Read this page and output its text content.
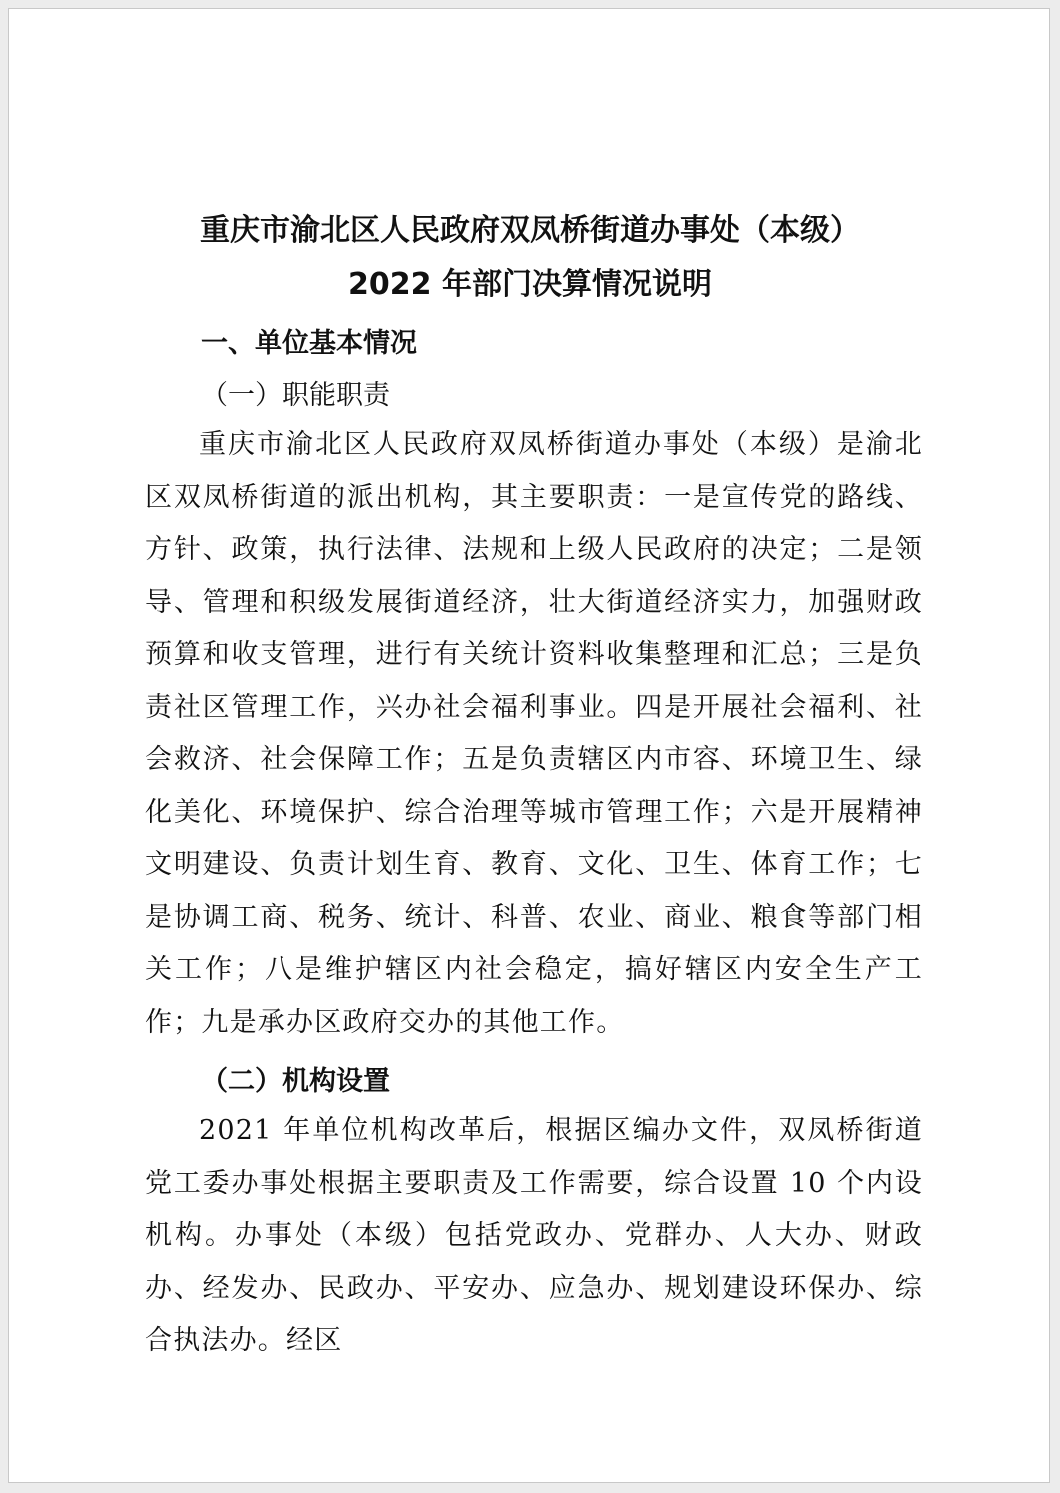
重庆市渝北区人民政府双凤桥街道办事处（本级）
2022 年部门决算情况说明
一、单位基本情况
（一）职能职责

重庆市渝北区人民政府双凤桥街道办事处（本级）是渝北区双凤桥街道的派出机构，其主要职责：一是宣传党的路线、方针、政策，执行法律、法规和上级人民政府的决定；二是领导、管理和积级发展街道经济，壮大街道经济实力，加强财政预算和收支管理，进行有关统计资料收集整理和汇总；三是负责社区管理工作，兴办社会福利事业。四是开展社会福利、社会救济、社会保障工作；五是负责辖区内市容、环境卫生、绿化美化、环境保护、综合治理等城市管理工作；六是开展精神文明建设、负责计划生育、教育、文化、卫生、体育工作；七是协调工商、税务、统计、科普、农业、商业、粮食等部门相关工作；八是维护辖区内社会稳定，搞好辖区内安全生产工作；九是承办区政府交办的其他工作。

（二）机构设置

2021 年单位机构改革后，根据区编办文件，双凤桥街道党工委办事处根据主要职责及工作需要，综合设置 10 个内设机构。办事处（本级）包括党政办、党群办、人大办、财政办、经发办、民政办、平安办、应急办、规划建设环保办、综合执法办。经区
